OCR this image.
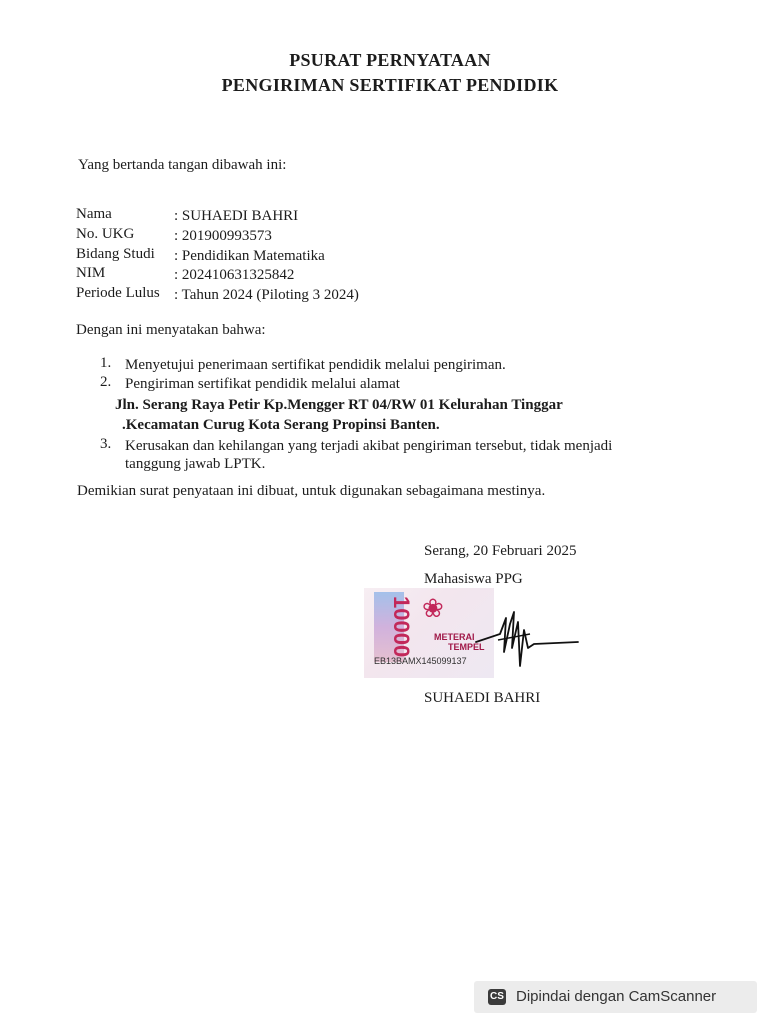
PSURAT PERNYATAAN
PENGIRIMAN SERTIFIKAT PENDIDIK
Yang bertanda tangan dibawah ini:
Nama	: SUHAEDI BAHRI
No. UKG	: 201900993573
Bidang Studi : Pendidikan Matematika
NIM	: 202410631325842
Periode Lulus : Tahun 2024 (Piloting 3 2024)
Dengan ini menyatakan bahwa:
1. Menyetujui penerimaan sertifikat pendidik melalui pengiriman.
2. Pengiriman sertifikat pendidik melalui alamat
Jln. Serang Raya Petir Kp.Mengger RT 04/RW 01 Kelurahan Tinggar
.Kecamatan Curug Kota Serang Propinsi Banten.
3. Kerusakan dan kehilangan yang terjadi akibat pengiriman tersebut, tidak menjadi
tanggung jawab LPTK.
Demikian surat penyataan ini dibuat, untuk digunakan sebagaimana mestinya.
Serang, 20 Februari 2025
Mahasiswa PPG
10000 ❀
METERAI
TEMPEL
EB13BAMX145099137
SUHAEDI BAHRI
CS Dipindai dengan CamScanner
